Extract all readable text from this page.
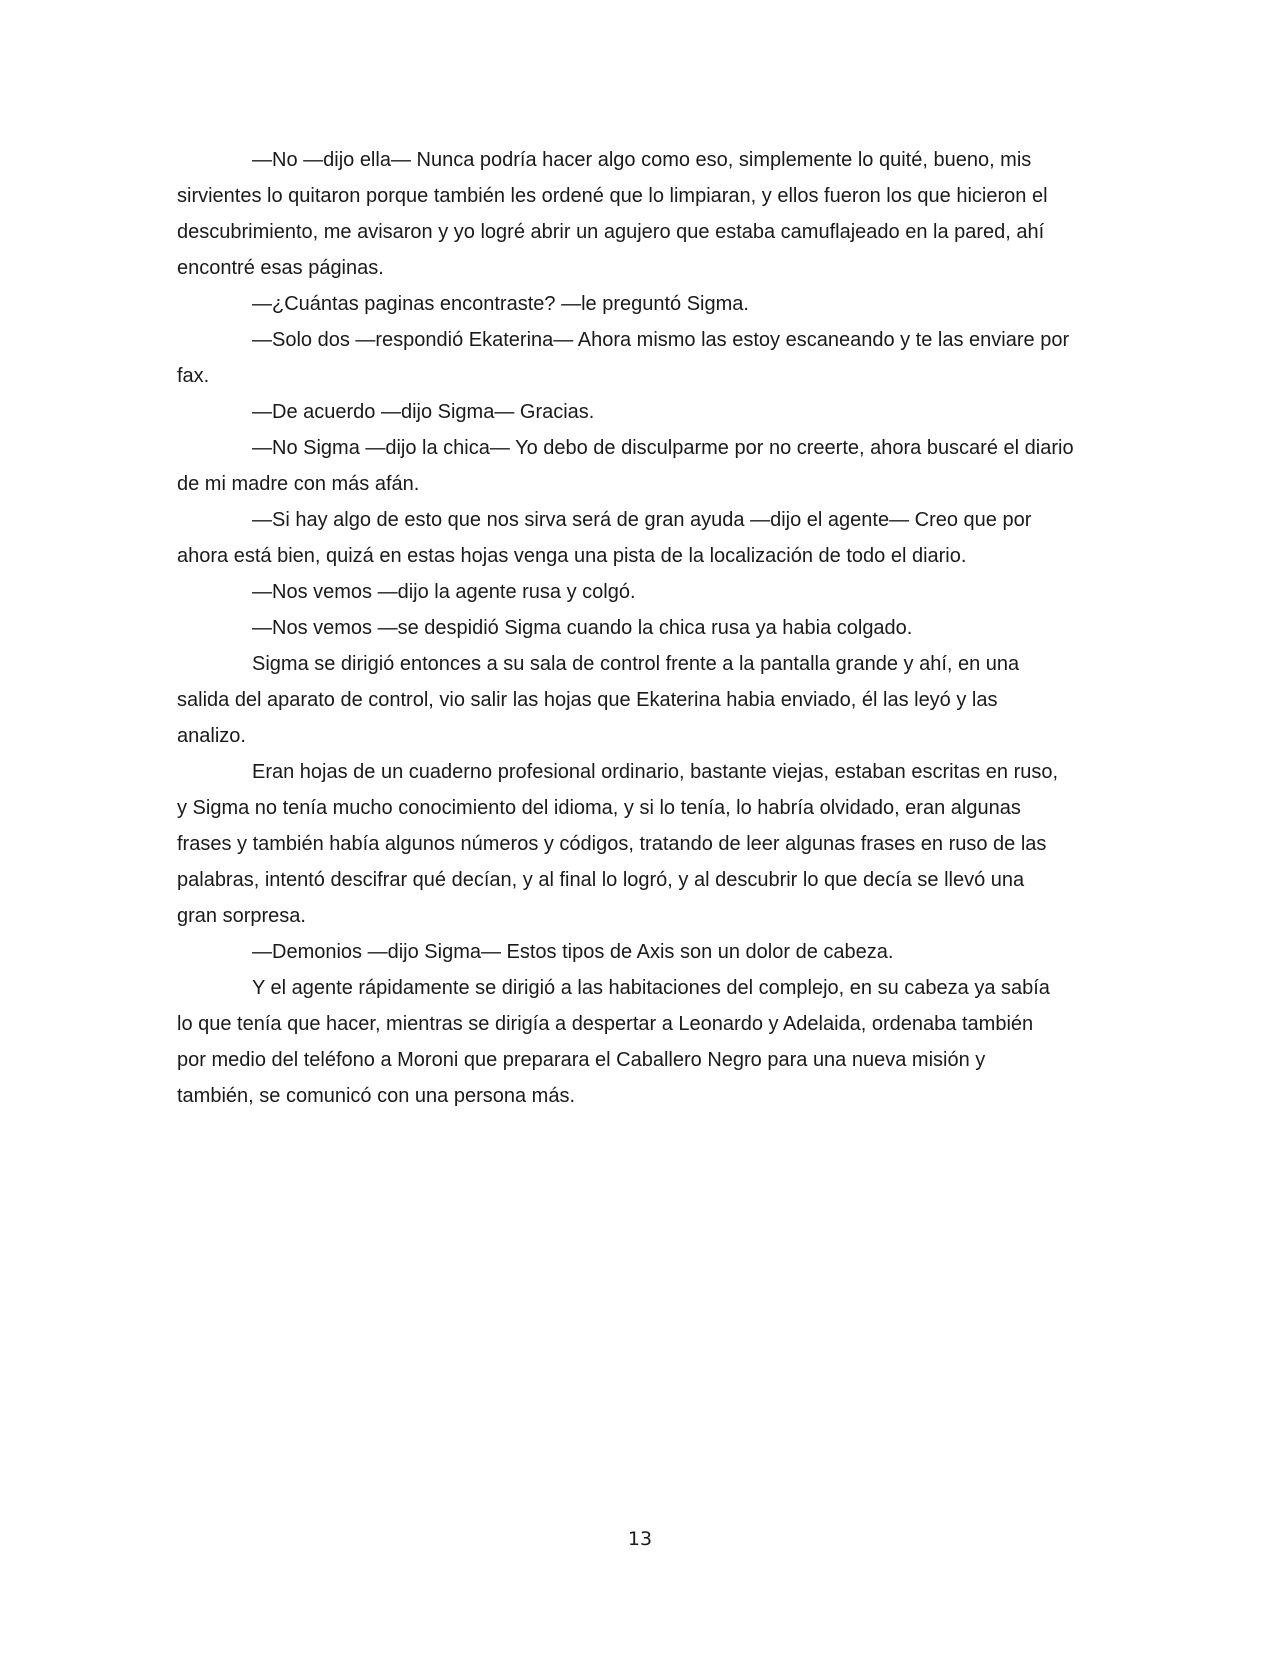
—No —dijo ella— Nunca podría hacer algo como eso, simplemente lo quité, bueno, mis
sirvientes lo quitaron porque también les ordené que lo limpiaran, y ellos fueron los que hicieron el
descubrimiento, me avisaron y yo logré abrir un agujero que estaba camuflajeado en la pared, ahí
encontré esas páginas.

—¿Cuántas paginas encontraste? —le preguntó Sigma.

—Solo dos —respondió Ekaterina— Ahora mismo las estoy escaneando y te las enviare por
fax.

—De acuerdo —dijo Sigma— Gracias.

—No Sigma —dijo la chica— Yo debo de disculparme por no creerte, ahora buscaré el diario
de mi madre con más afán.

—Si hay algo de esto que nos sirva será de gran ayuda —dijo el agente— Creo que por
ahora está bien, quizá en estas hojas venga una pista de la localización de todo el diario.

—Nos vemos —dijo la agente rusa y colgó.

—Nos vemos —se despidió Sigma cuando la chica rusa ya habia colgado.

Sigma se dirigió entonces a su sala de control frente a la pantalla grande y ahí, en una
salida del aparato de control, vio salir las hojas que Ekaterina habia enviado, él las leyó y las
analizo.

Eran hojas de un cuaderno profesional ordinario, bastante viejas, estaban escritas en ruso,
y Sigma no tenía mucho conocimiento del idioma, y si lo tenía, lo habría olvidado, eran algunas
frases y también había algunos números y códigos, tratando de leer algunas frases en ruso de las
palabras, intentó descifrar qué decían, y al final lo logró, y al descubrir lo que decía se llevó una
gran sorpresa.

—Demonios —dijo Sigma— Estos tipos de Axis son un dolor de cabeza.

Y el agente rápidamente se dirigió a las habitaciones del complejo, en su cabeza ya sabía
lo que tenía que hacer, mientras se dirigía a despertar a Leonardo y Adelaida, ordenaba también
por medio del teléfono a Moroni que preparara el Caballero Negro para una nueva misión y
también, se comunicó con una persona más.

13
